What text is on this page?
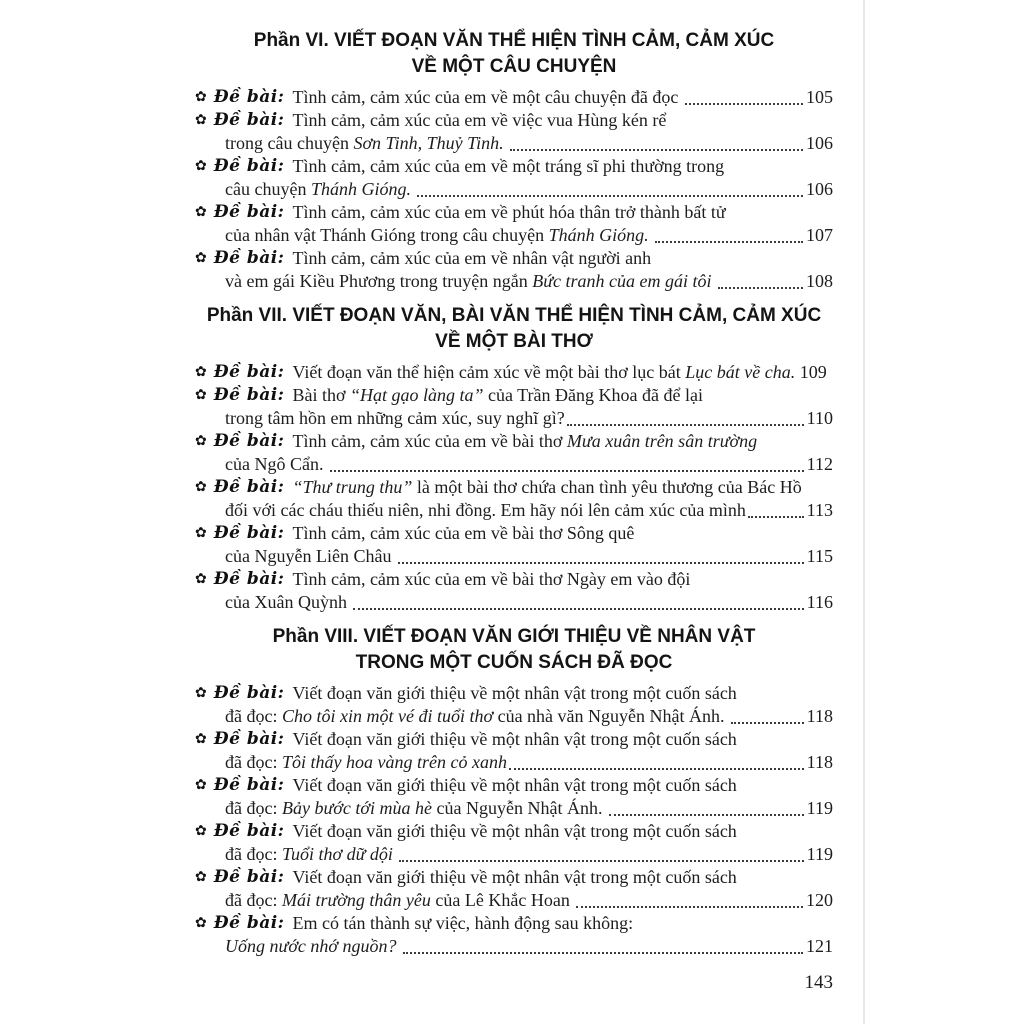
Phần VI. VIẾT ĐOẠN VĂN THỂ HIỆN TÌNH CẢM, CẢM XÚC
VỀ MỘT CÂU CHUYỆN
✿ Đề bài: Tình cảm, cảm xúc của em về một câu chuyện đã đọc	105
✿ Đề bài: Tình cảm, cảm xúc của em về việc vua Hùng kén rể
trong câu chuyện Sơn Tinh, Thuỷ Tinh.
	106
✿ Đề bài: Tình cảm, cảm xúc của em về một tráng sĩ phi thường trong
câu chuyện Thánh Gióng.
	106
✿ Đề bài: Tình cảm, cảm xúc của em về phút hóa thân trở thành bất tử
của nhân vật Thánh Gióng trong câu chuyện Thánh Gióng.
	107
✿ Đề bài: Tình cảm, cảm xúc của em về nhân vật người anh
và em gái Kiều Phương trong truyện ngắn Bức tranh của em gái tôi
	108
Phần VII. VIẾT ĐOẠN VĂN, BÀI VĂN THỂ HIỆN TÌNH CẢM, CẢM XÚC
VỀ MỘT BÀI THƠ
✿ Đề bài: Viết đoạn văn thể hiện cảm xúc về một bài thơ lục bát Lục bát về cha.
109
✿ Đề bài: Bài thơ “Hạt gạo làng ta” của Trần Đăng Khoa đã để lại
trong tâm hồn em những cảm xúc, suy nghĩ gì?	110
✿ Đề bài: Tình cảm, cảm xúc của em về bài thơ Mưa xuân trên sân trường
của Ngô Cẩn.	112
✿ Đề bài: “Thư trung thu” là một bài thơ chứa chan tình yêu thương của Bác Hồ
đối với các cháu thiếu niên, nhi đồng. Em hãy nói lên cảm xúc của mình	113
✿ Đề bài: Tình cảm, cảm xúc của em về bài thơ Sông quê
của Nguyễn Liên Châu	115
✿ Đề bài: Tình cảm, cảm xúc của em về bài thơ Ngày em vào đội
của Xuân Quỳnh	116
Phần VIII. VIẾT ĐOẠN VĂN GIỚI THIỆU VỀ NHÂN VẬT
TRONG MỘT CUỐN SÁCH ĐÃ ĐỌC
✿ Đề bài: Viết đoạn văn giới thiệu về một nhân vật trong một cuốn sách
đã đọc: Cho tôi xin một vé đi tuổi thơ của nhà văn Nguyễn Nhật Ánh.	118
✿ Đề bài: Viết đoạn văn giới thiệu về một nhân vật trong một cuốn sách
đã đọc: Tôi thấy hoa vàng trên cỏ xanh	118
✿ Đề bài: Viết đoạn văn giới thiệu về một nhân vật trong một cuốn sách
đã đọc: Bảy bước tới mùa hè của Nguyễn Nhật Ánh.	119
✿ Đề bài: Viết đoạn văn giới thiệu về một nhân vật trong một cuốn sách
đã đọc: Tuổi thơ dữ dội	119
✿ Đề bài: Viết đoạn văn giới thiệu về một nhân vật trong một cuốn sách
đã đọc: Mái trường thân yêu của Lê Khắc Hoan	120
✿ Đề bài: Em có tán thành sự việc, hành động sau không:
Uống nước nhớ nguồn?	121
143
